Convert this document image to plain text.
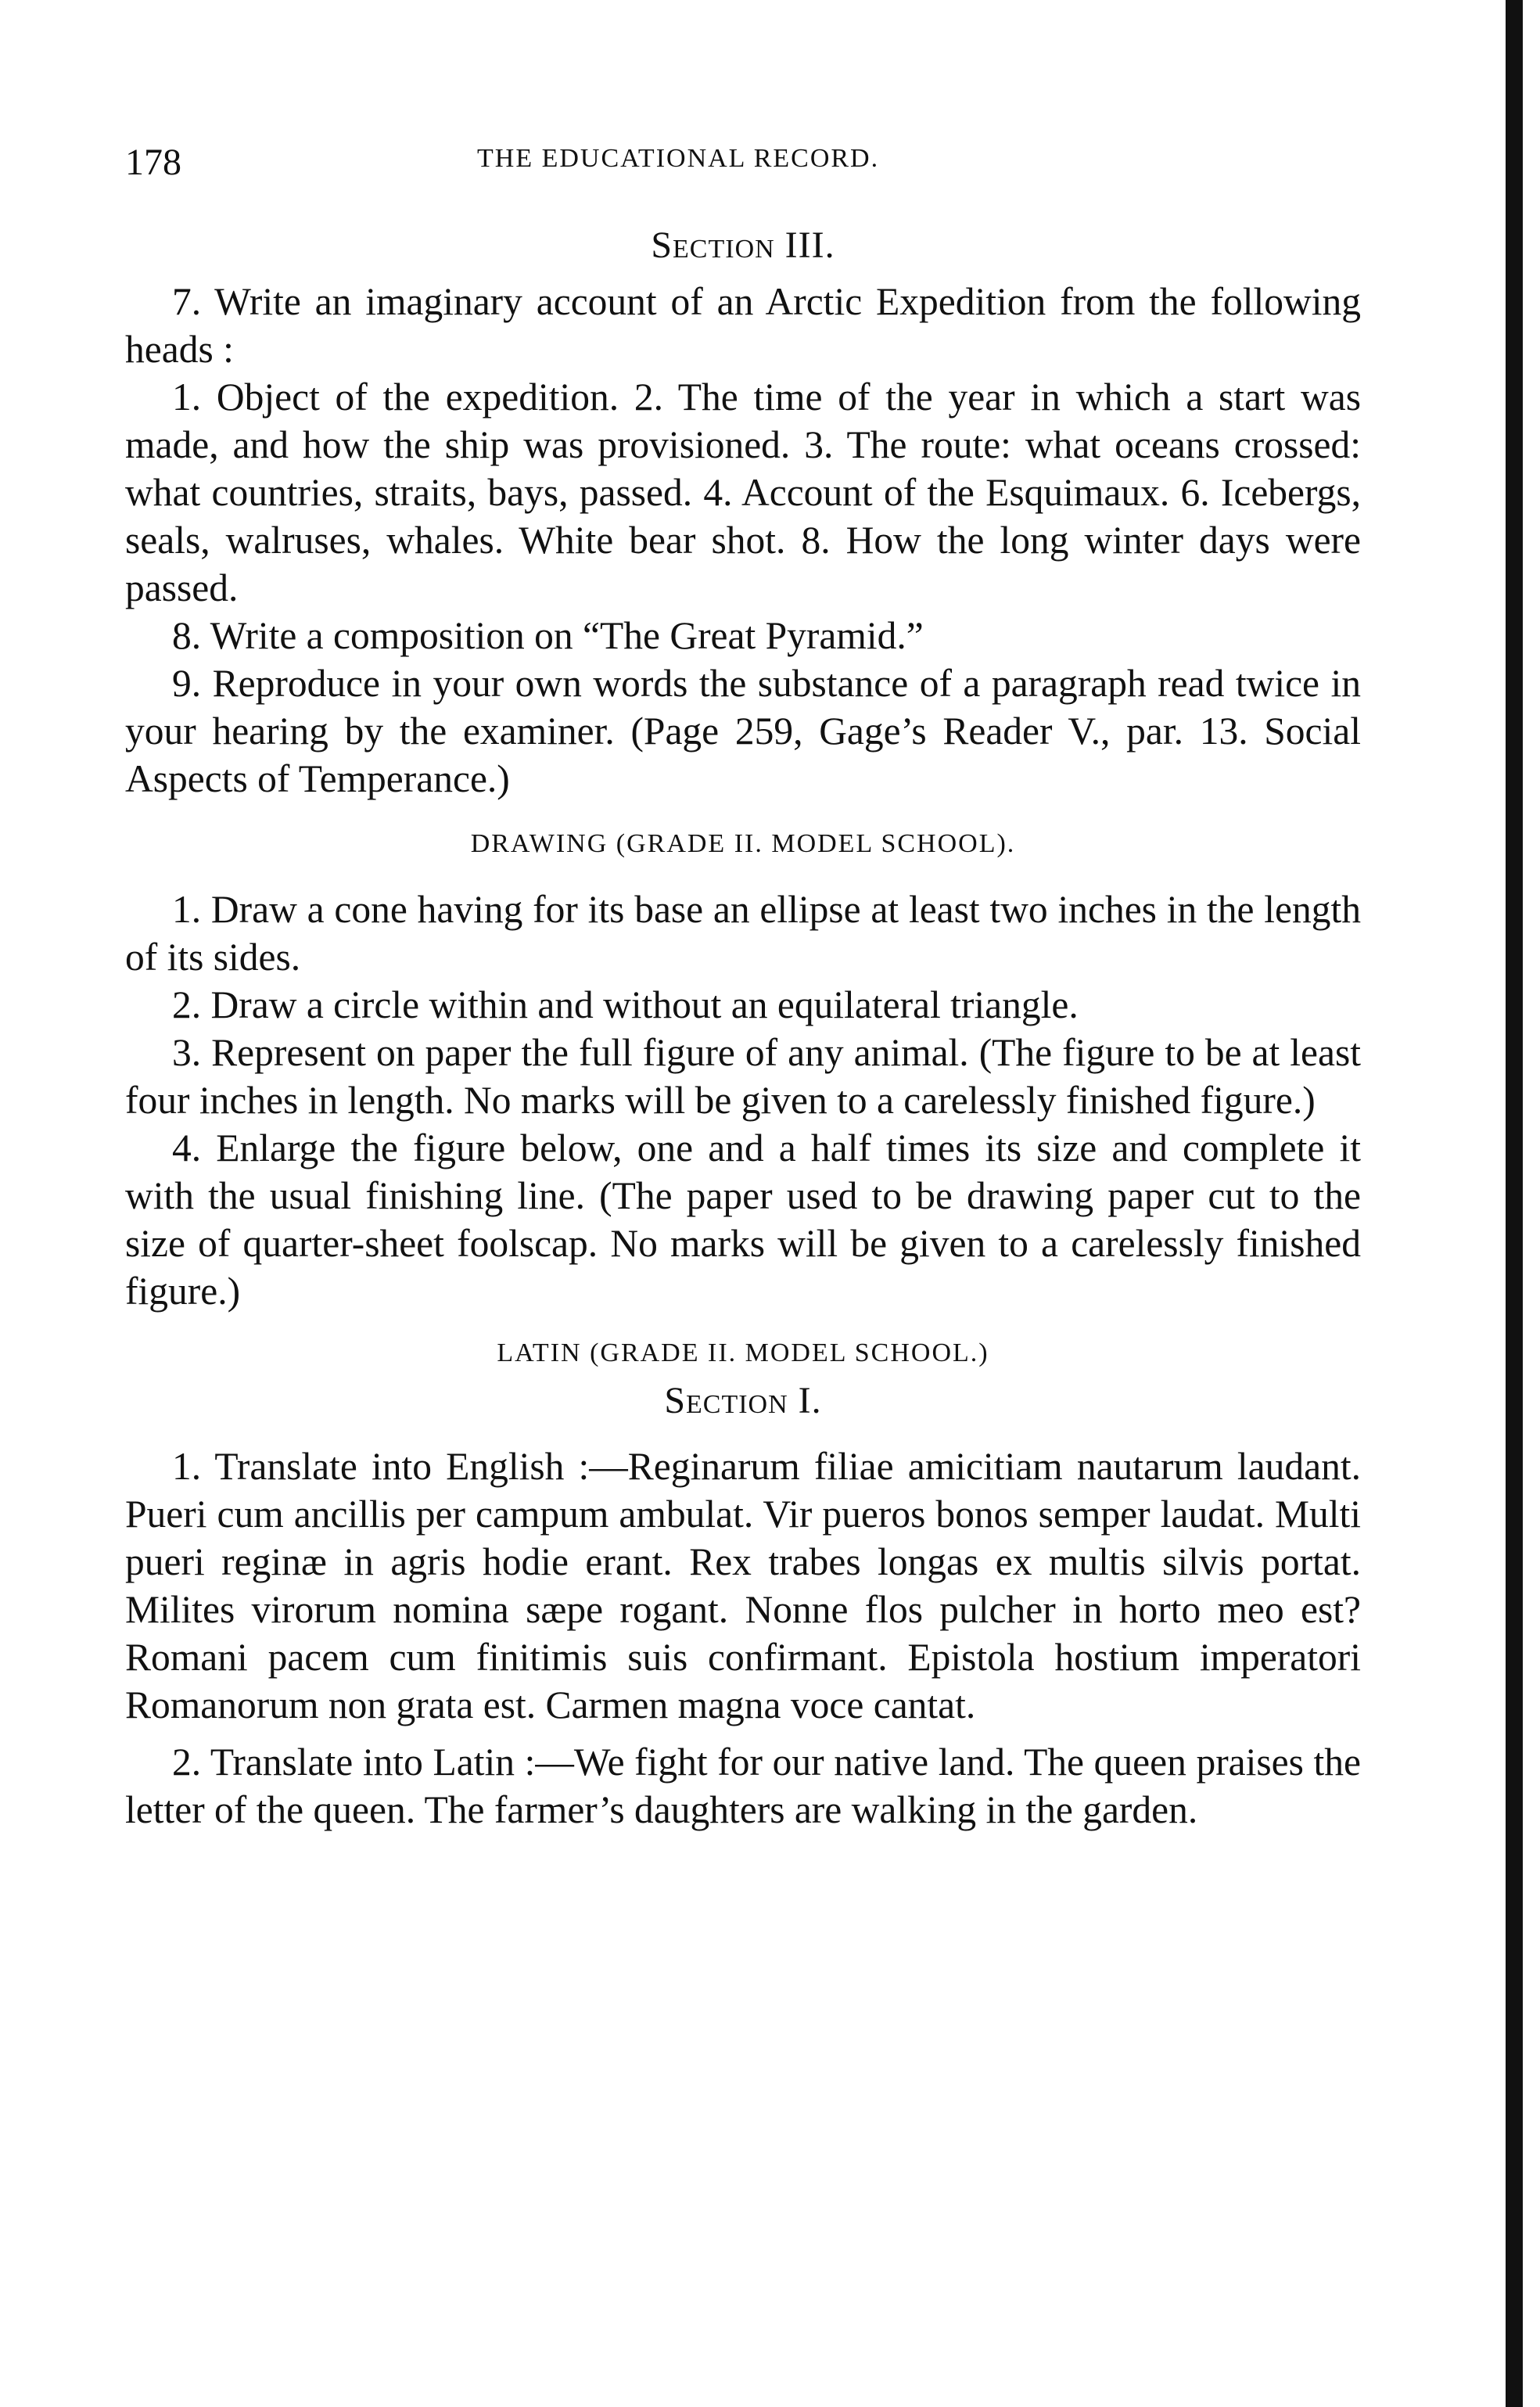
178	THE EDUCATIONAL RECORD.
Section III.

7. Write an imaginary account of an Arctic Expedition from the following heads :

1. Object of the expedition. 2. The time of the year in which a start was made, and how the ship was provisioned. 3. The route: what oceans crossed: what countries, straits, bays, passed. 4. Account of the Esquimaux. 6. Icebergs, seals, walruses, whales. White bear shot. 8. How the long winter days were passed.

8. Write a composition on “The Great Pyramid.”

9. Reproduce in your own words the substance of a paragraph read twice in your hearing by the examiner. (Page 259, Gage’s Reader V., par. 13. Social Aspects of Temperance.)

DRAWING (GRADE II. MODEL SCHOOL).

1. Draw a cone having for its base an ellipse at least two inches in the length of its sides.

2. Draw a circle within and without an equilateral triangle.

3. Represent on paper the full figure of any animal. (The figure to be at least four inches in length. No marks will be given to a carelessly finished figure.)

4. Enlarge the figure below, one and a half times its size and complete it with the usual finishing line. (The paper used to be drawing paper cut to the size of quarter-sheet foolscap. No marks will be given to a carelessly finished figure.)

LATIN (GRADE II. MODEL SCHOOL.)
Section I.

1. Translate into English :—Reginarum filiae amicitiam nautarum laudant. Pueri cum ancillis per campum ambulat. Vir pueros bonos semper laudat. Multi pueri reginæ in agris hodie erant. Rex trabes longas ex multis silvis portat. Milites virorum nomina sæpe rogant. Nonne flos pulcher in horto meo est? Romani pacem cum finitimis suis confirmant. Epistola hostium imperatori Romanorum non grata est. Carmen magna voce cantat.

2. Translate into Latin :—We fight for our native land. The queen praises the letter of the queen. The farmer’s daughters are walking in the garden.
